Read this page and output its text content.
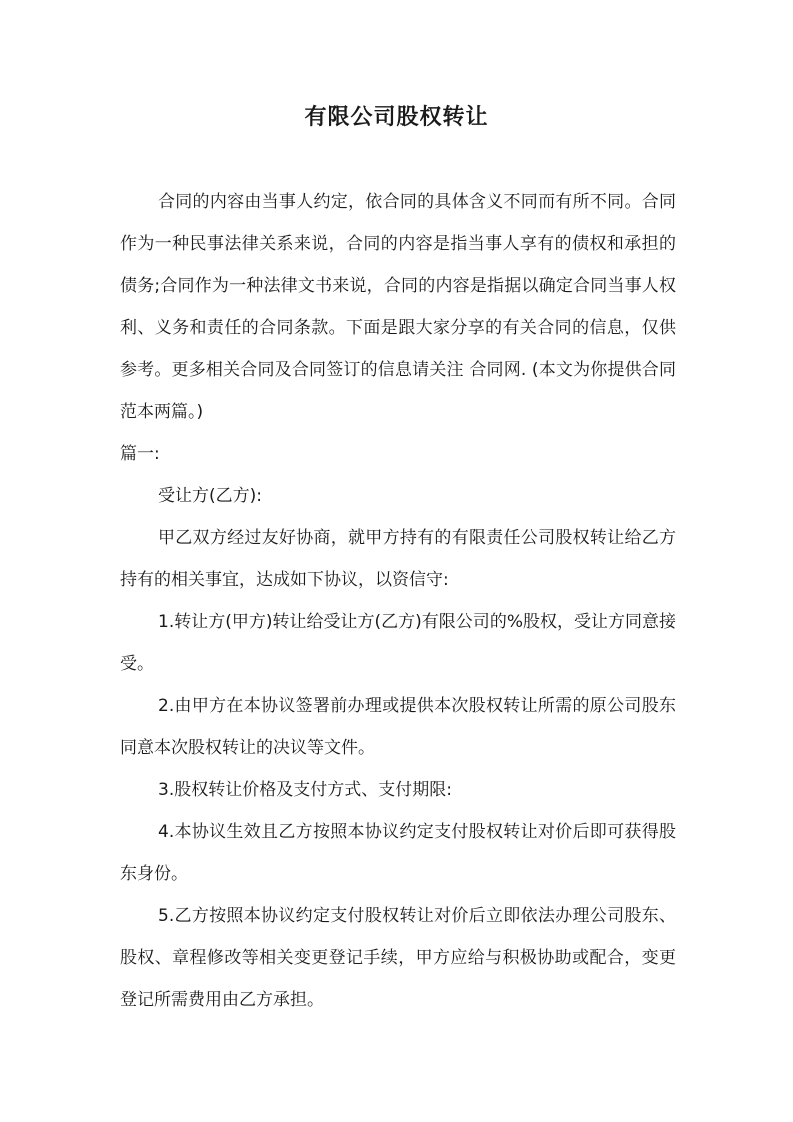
有限公司股权转让

合同的内容由当事人约定，依合同的具体含义不同而有所不同。合同作为一种民事法律关系来说，合同的内容是指当事人享有的债权和承担的债务;合同作为一种法律文书来说，合同的内容是指据以确定合同当事人权利、义务和责任的合同条款。下面是跟大家分享的有关合同的信息，仅供参考。更多相关合同及合同签订的信息请关注 合同网. (本文为你提供合同范本两篇。)

篇一:

受让方(乙方):

甲乙双方经过友好协商，就甲方持有的有限责任公司股权转让给乙方持有的相关事宜，达成如下协议，以资信守:

1.转让方(甲方)转让给受让方(乙方)有限公司的%股权，受让方同意接受。

2.由甲方在本协议签署前办理或提供本次股权转让所需的原公司股东同意本次股权转让的决议等文件。

3.股权转让价格及支付方式、支付期限:

4.本协议生效且乙方按照本协议约定支付股权转让对价后即可获得股东身份。

5.乙方按照本协议约定支付股权转让对价后立即依法办理公司股东、股权、章程修改等相关变更登记手续，甲方应给与积极协助或配合，变更登记所需费用由乙方承担。
